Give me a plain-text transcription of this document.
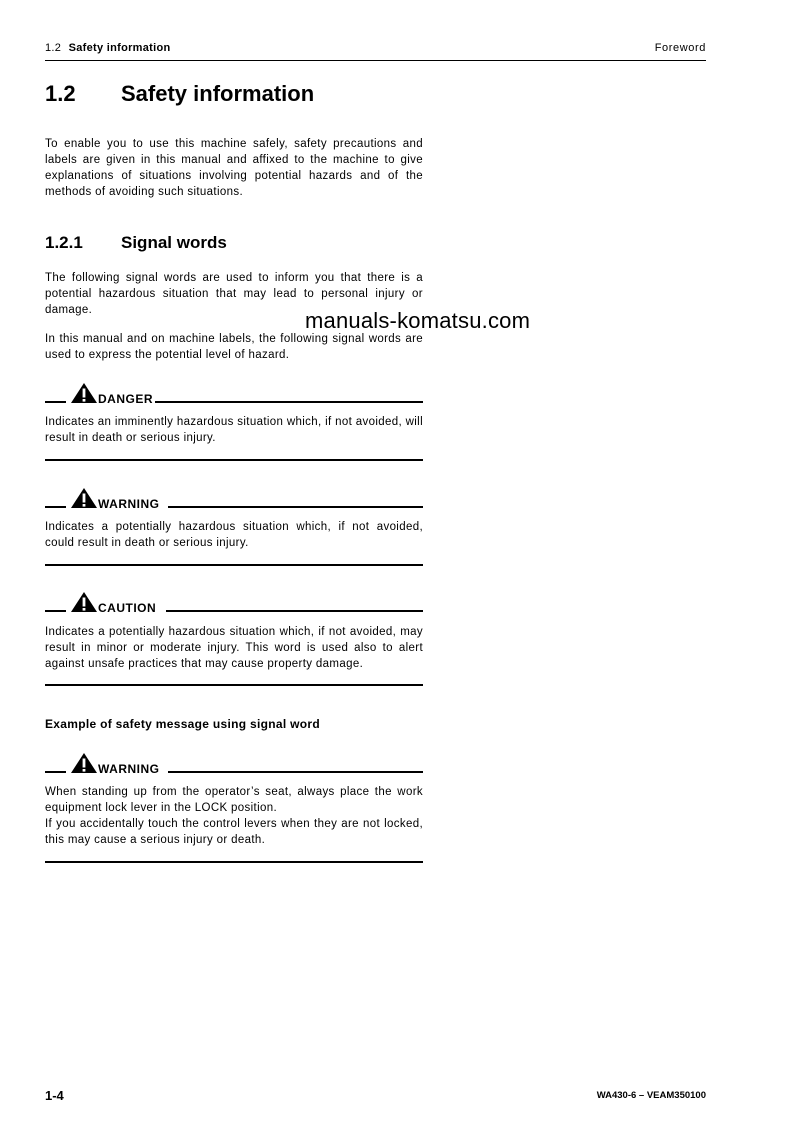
1.2 Safety information	Foreword
1.2 Safety information
To enable you to use this machine safely, safety precautions and labels are given in this manual and affixed to the machine to give explanations of situations involving potential hazards and of the methods of avoiding such situations.
1.2.1 Signal words
The following signal words are used to inform you that there is a potential hazardous situation that may lead to personal injury or damage.
In this manual and on machine labels, the following signal words are used to express the potential level of hazard.
manuals-komatsu.com
DANGER
Indicates an imminently hazardous situation which, if not avoided, will result in death or serious injury.
WARNING
Indicates a potentially hazardous situation which, if not avoided, could result in death or serious injury.
CAUTION
Indicates a potentially hazardous situation which, if not avoided, may result in minor or moderate injury. This word is used also to alert against unsafe practices that may cause property damage.
Example of safety message using signal word
WARNING
When standing up from the operator’s seat, always place the work equipment lock lever in the LOCK position.
If you accidentally touch the control levers when they are not locked, this may cause a serious injury or death.
1-4	WA430-6 – VEAM350100
